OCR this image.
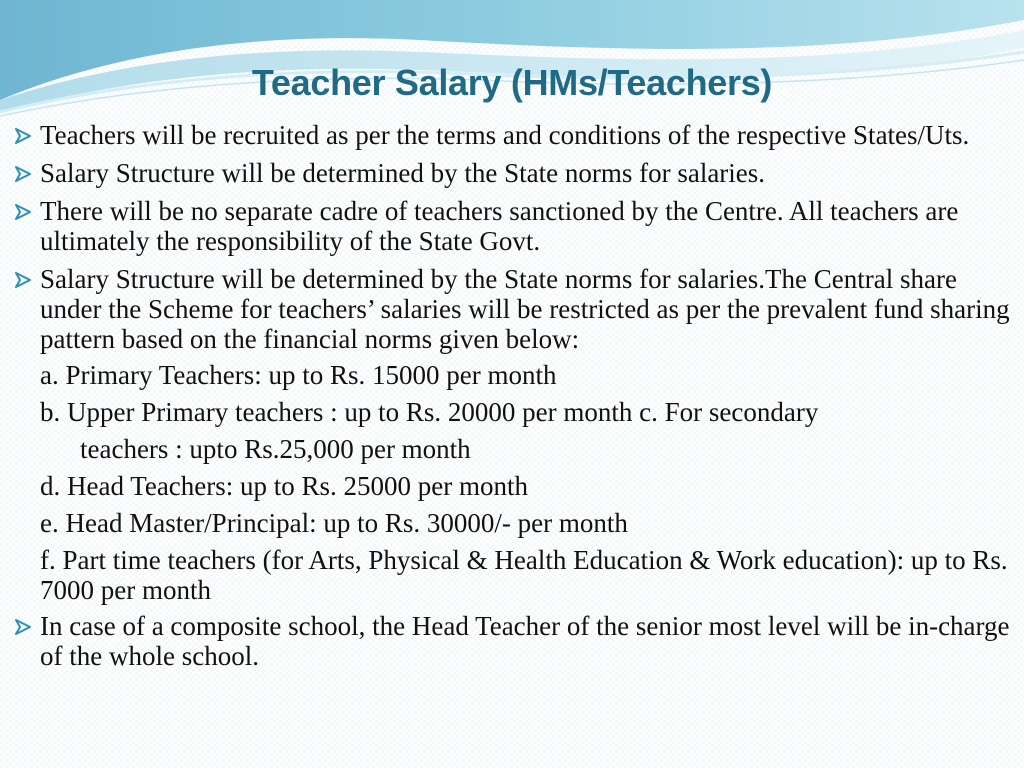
Teacher Salary (HMs/Teachers)
Teachers will be recruited as per the terms and conditions of the respective States/Uts.
Salary Structure will be determined by the State norms for salaries.
There will be no separate cadre of teachers sanctioned by the Centre. All teachers are ultimately the responsibility of the State Govt.
Salary Structure will be determined by the State norms for salaries.The Central share under the Scheme for teachers’ salaries will be restricted as per the prevalent fund sharing pattern based on the financial norms given below:
a. Primary Teachers: up to Rs. 15000 per month
b. Upper Primary teachers : up to Rs. 20000 per month c. For secondary
teachers : upto Rs.25,000 per month
d. Head Teachers: up to Rs. 25000 per month
e. Head Master/Principal: up to Rs. 30000/- per month
f. Part time teachers (for Arts, Physical & Health Education & Work education): up to Rs. 7000 per month
In case of a composite school, the Head Teacher of the senior most level will be in-charge of the whole school.
